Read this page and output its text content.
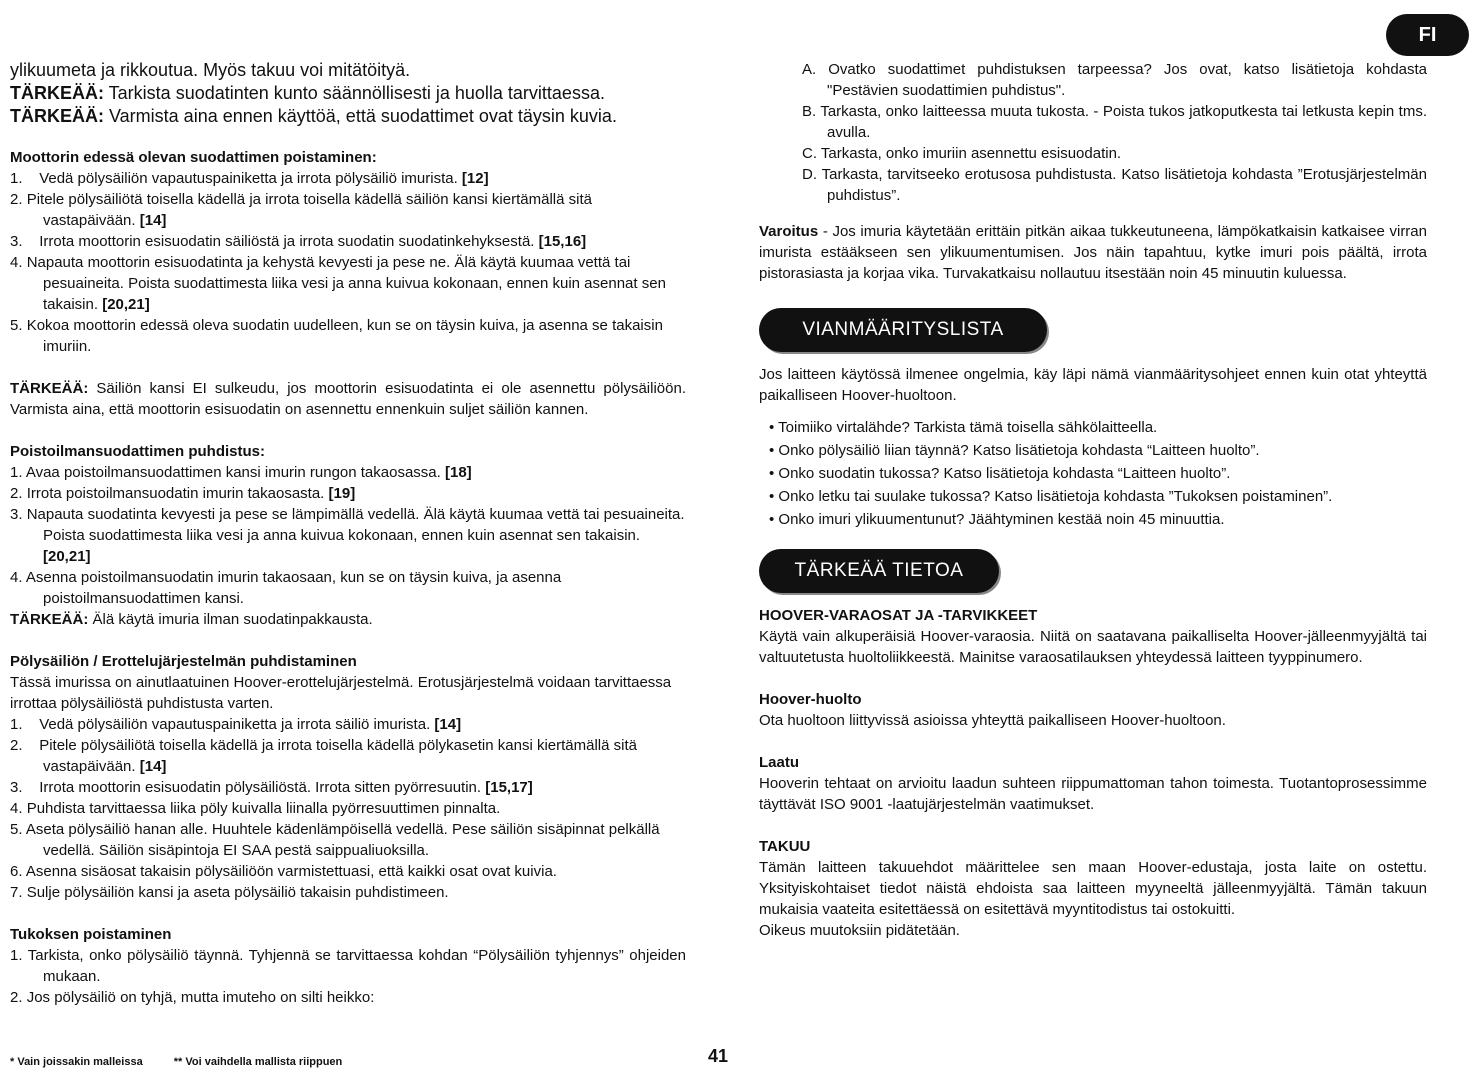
FI

ylikuumeta ja rikkoutua. Myös takuu voi mitätöityä.

TÄRKEÄÄ: Tarkista suodatinten kunto säännöllisesti ja huolla tarvittaessa.

TÄRKEÄÄ: Varmista aina ennen käyttöä, että suodattimet ovat täysin kuvia.

Moottorin edessä olevan suodattimen poistaminen:

1. Vedä pölysäiliön vapautuspainiketta ja irrota pölysäiliö imurista. [12]

2. Pitele pölysäiliötä toisella kädellä ja irrota toisella kädellä säiliön kansi kiertämällä sitä vastapäivään. [14]

3. Irrota moottorin esisuodatin säiliöstä ja irrota suodatin suodatinkehyksestä. [15,16]

4. Napauta moottorin esisuodatinta ja kehystä kevyesti ja pese ne. Älä käytä kuumaa vettä tai pesuaineita. Poista suodattimesta liika vesi ja anna kuivua kokonaan, ennen kuin asennat sen takaisin. [20,21]

5. Kokoa moottorin edessä oleva suodatin uudelleen, kun se on täysin kuiva, ja asenna se takaisin imuriin.

TÄRKEÄÄ: Säiliön kansi EI sulkeudu, jos moottorin esisuodatinta ei ole asennettu pölysäiliöön. Varmista aina, että moottorin esisuodatin on asennettu ennenkuin suljet säiliön kannen.

Poistoilmansuodattimen puhdistus:

1. Avaa poistoilmansuodattimen kansi imurin rungon takaosassa. [18]

2. Irrota poistoilmansuodatin imurin takaosasta. [19]

3. Napauta suodatinta kevyesti ja pese se lämpimällä vedellä. Älä käytä kuumaa vettä tai pesuaineita. Poista suodattimesta liika vesi ja anna kuivua kokonaan, ennen kuin asennat sen takaisin. [20,21]

4. Asenna poistoilmansuodatin imurin takaosaan, kun se on täysin kuiva, ja asenna poistoilmansuodattimen kansi.

TÄRKEÄÄ: Älä käytä imuria ilman suodatinpakkausta.

Pölysäiliön / Erottelujärjestelmän puhdistaminen

Tässä imurissa on ainutlaatuinen Hoover-erottelujärjestelmä. Erotusjärjestelmä voidaan tarvittaessa irrottaa pölysäiliöstä puhdistusta varten.

1. Vedä pölysäiliön vapautuspainiketta ja irrota säiliö imurista. [14]

2. Pitele pölysäiliötä toisella kädellä ja irrota toisella kädellä pölykasetin kansi kiertämällä sitä vastapäivään. [14]

3. Irrota moottorin esisuodatin pölysäiliöstä. Irrota sitten pyörresuutin. [15,17]

4. Puhdista tarvittaessa liika pöly kuivalla liinalla pyörresuuttimen pinnalta.

5. Aseta pölysäiliö hanan alle. Huuhtele kädenlämpöisellä vedellä. Pese säiliön sisäpinnat pelkällä vedellä. Säiliön sisäpintoja EI SAA pestä saippualiuoksilla.

6. Asenna sisäosat takaisin pölysäiliöön varmistettuasi, että kaikki osat ovat kuivia.

7. Sulje pölysäiliön kansi ja aseta pölysäiliö takaisin puhdistimeen.

Tukoksen poistaminen

1. Tarkista, onko pölysäiliö täynnä. Tyhjennä se tarvittaessa kohdan “Pölysäiliön tyhjennys” ohjeiden mukaan.

2. Jos pölysäiliö on tyhjä, mutta imuteho on silti heikko:

A. Ovatko suodattimet puhdistuksen tarpeessa? Jos ovat, katso lisätietoja kohdasta "Pestävien suodattimien puhdistus".

B. Tarkasta, onko laitteessa muuta tukosta. - Poista tukos jatkoputkesta tai letkusta kepin tms. avulla.

C. Tarkasta, onko imuriin asennettu esisuodatin.

D. Tarkasta, tarvitseeko erotusosa puhdistusta. Katso lisätietoja kohdasta ”Erotusjärjestelmän puhdistus”.

Varoitus - Jos imuria käytetään erittäin pitkän aikaa tukkeutuneena, lämpökatkaisin katkaisee virran imurista estääkseen sen ylikuumentumisen. Jos näin tapahtuu, kytke imuri pois päältä, irrota pistorasiasta ja korjaa vika. Turvakatkaisu nollautuu itsestään noin 45 minuutin kuluessa.

VIANMÄÄRITYSLISTA

Jos laitteen käytössä ilmenee ongelmia, käy läpi nämä vianmääritysohjeet ennen kuin otat yhteyttä paikalliseen Hoover-huoltoon.

• Toimiiko virtalähde? Tarkista tämä toisella sähkölaitteella.

• Onko pölysäiliö liian täynnä? Katso lisätietoja kohdasta “Laitteen huolto”.

• Onko suodatin tukossa? Katso lisätietoja kohdasta “Laitteen huolto”.

• Onko letku tai suulake tukossa? Katso lisätietoja kohdasta ”Tukoksen poistaminen”.

• Onko imuri ylikuumentunut? Jäähtyminen kestää noin 45 minuuttia.

TÄRKEÄÄ TIETOA

HOOVER-VARAOSAT JA -TARVIKKEET

Käytä vain alkuperäisiä Hoover-varaosia. Niitä on saatavana paikalliselta Hoover-jälleenmyyjältä tai valtuutetusta huoltoliikkeestä. Mainitse varaosatilauksen yhteydessä laitteen tyyppinumero.

Hoover-huolto

Ota huoltoon liittyvissä asioissa yhteyttä paikalliseen Hoover-huoltoon.

Laatu

Hooverin tehtaat on arvioitu laadun suhteen riippumattoman tahon toimesta. Tuotantoprosessimme täyttävät ISO 9001 -laatujärjestelmän vaatimukset.

TAKUU

Tämän laitteen takuuehdot määrittelee sen maan Hoover-edustaja, josta laite on ostettu. Yksityiskohtaiset tiedot näistä ehdoista saa laitteen myyneeltä jälleenmyyjältä. Tämän takuun mukaisia vaateita esitettäessä on esitettävä myyntitodistus tai ostokuitti.

Oikeus muutoksiin pidätetään.

* Vain joissakin malleissa	** Voi vaihdella mallista riippuen	41
